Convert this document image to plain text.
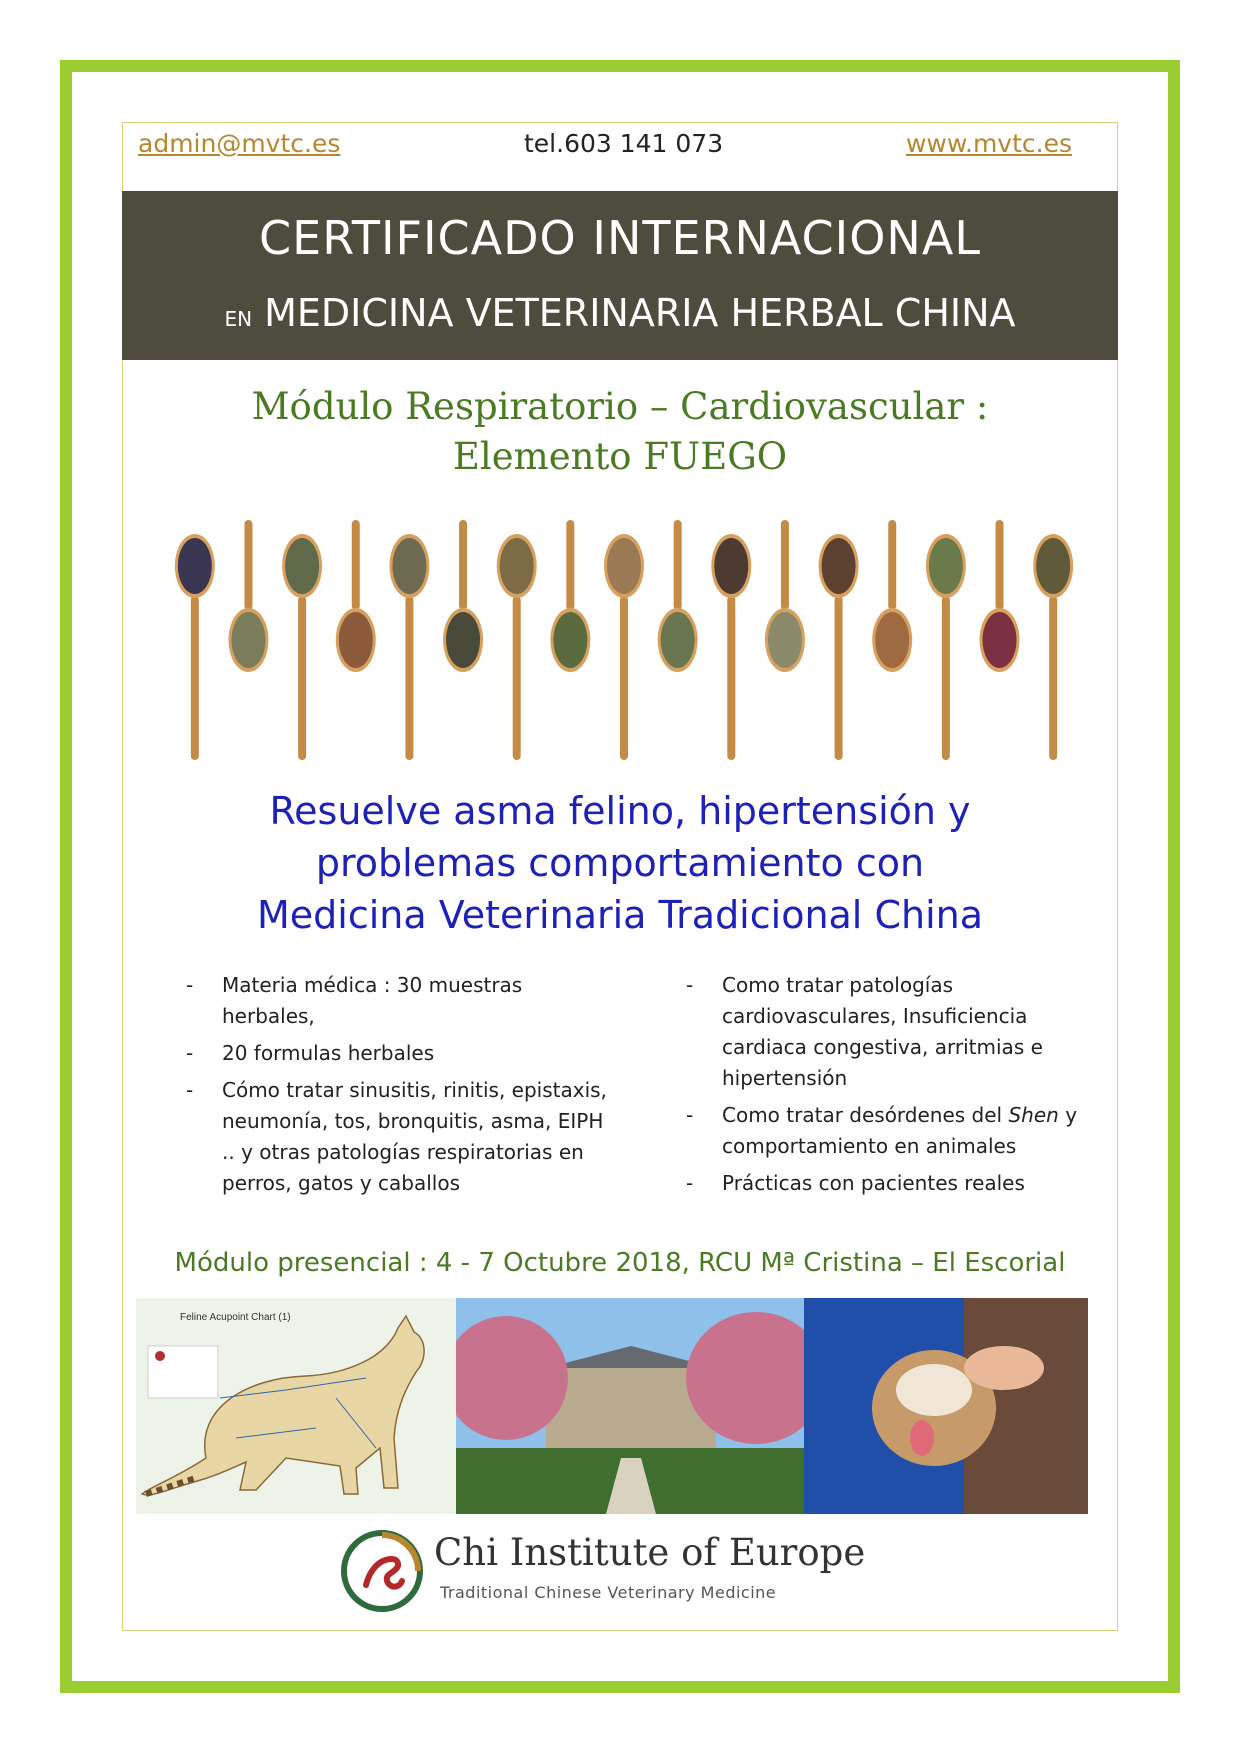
admin@mvtc.es	tel.603 141 073	www.mvtc.es
CERTIFICADO INTERNACIONAL
EN MEDICINA VETERINARIA HERBAL CHINA
Módulo Respiratorio – Cardiovascular :
Elemento FUEGO
Resuelve asma felino, hipertensión y
problemas comportamiento con
Medicina Veterinaria Tradicional China
- Materia médica : 30 muestras herbales,
- 20 formulas herbales
- Cómo tratar sinusitis, rinitis, epistaxis, neumonía, tos, bronquitis, asma, EIPH .. y otras patologías respiratorias en perros, gatos y caballos
- Como tratar patologías cardiovasculares, Insuficiencia cardiaca congestiva, arritmias e hipertensión
- Como tratar desórdenes del Shen y comportamiento en animales
- Prácticas con pacientes reales
Módulo presencial : 4 - 7 Octubre 2018, RCU Mª Cristina – El Escorial
Feline Acupoint Chart (1)
Chi Institute of Europe
Traditional Chinese Veterinary Medicine
